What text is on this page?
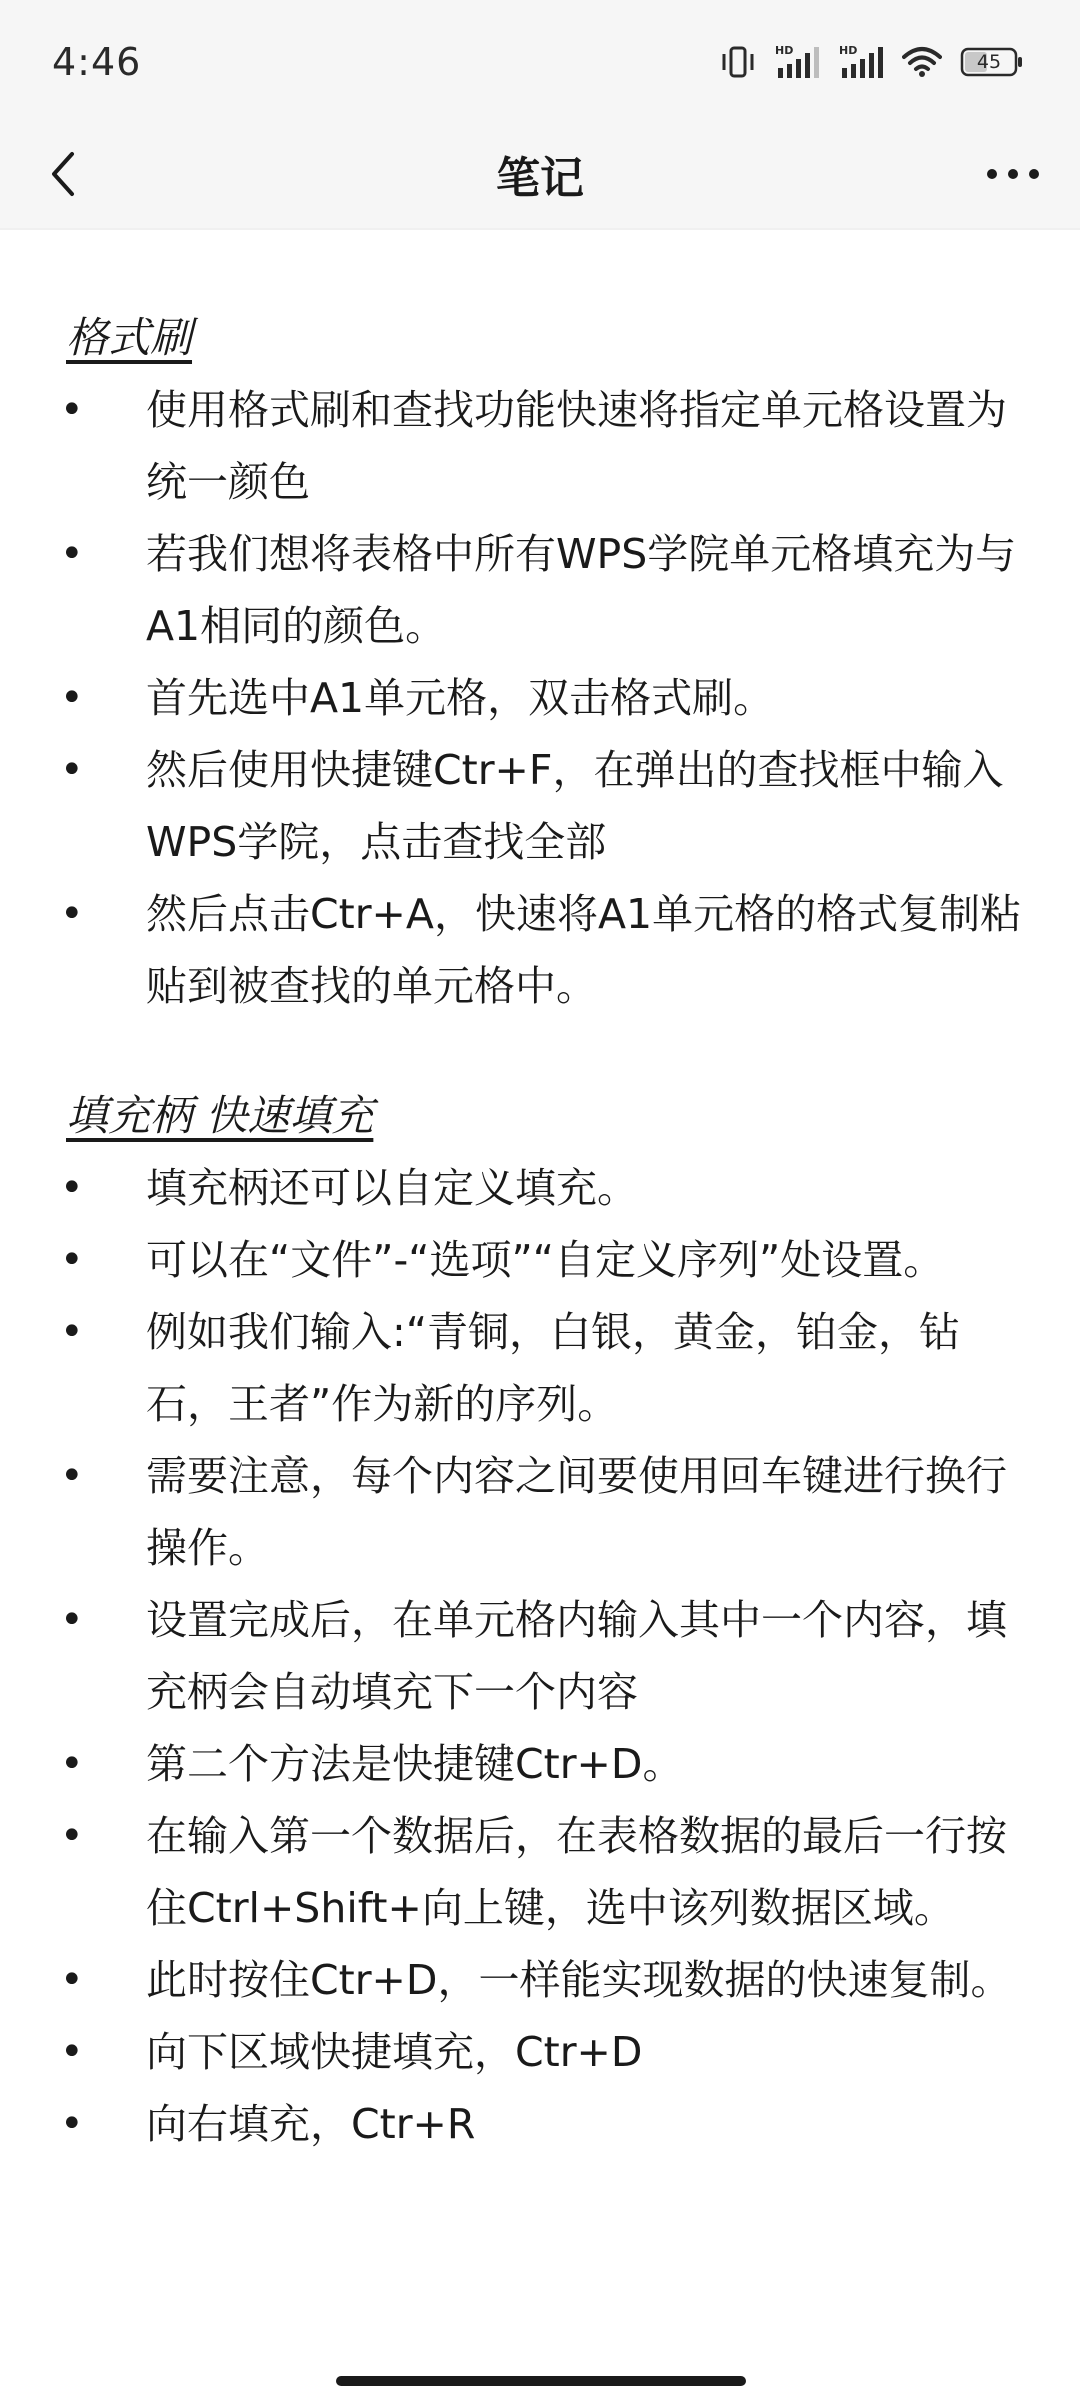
4:46	HD	HD
45
笔记
格式刷
• 使用格式刷和查找功能快速将指定单元格设置为统一颜色
• 若我们想将表格中所有WPS学院单元格填充为与A1相同的颜色。
• 首先选中A1单元格，双击格式刷。
• 然后使用快捷键Ctr+F，在弹出的查找框中输入WPS学院，点击查找全部
• 然后点击Ctr+A，快速将A1单元格的格式复制粘贴到被查找的单元格中。
填充柄 快速填充
• 填充柄还可以自定义填充。
• 可以在“文件”-“选项”“自定义序列”处设置。
• 例如我们输入:“青铜，白银，黄金，铂金，钻石，王者”作为新的序列。
• 需要注意，每个内容之间要使用回车键进行换行操作。
• 设置完成后，在单元格内输入其中一个内容，填充柄会自动填充下一个内容
• 第二个方法是快捷键Ctr+D。
• 在输入第一个数据后，在表格数据的最后一行按住Ctrl+Shift+向上键，选中该列数据区域。
• 此时按住Ctr+D，一样能实现数据的快速复制。
• 向下区域快捷填充，Ctr+D
• 向右填充，Ctr+R
